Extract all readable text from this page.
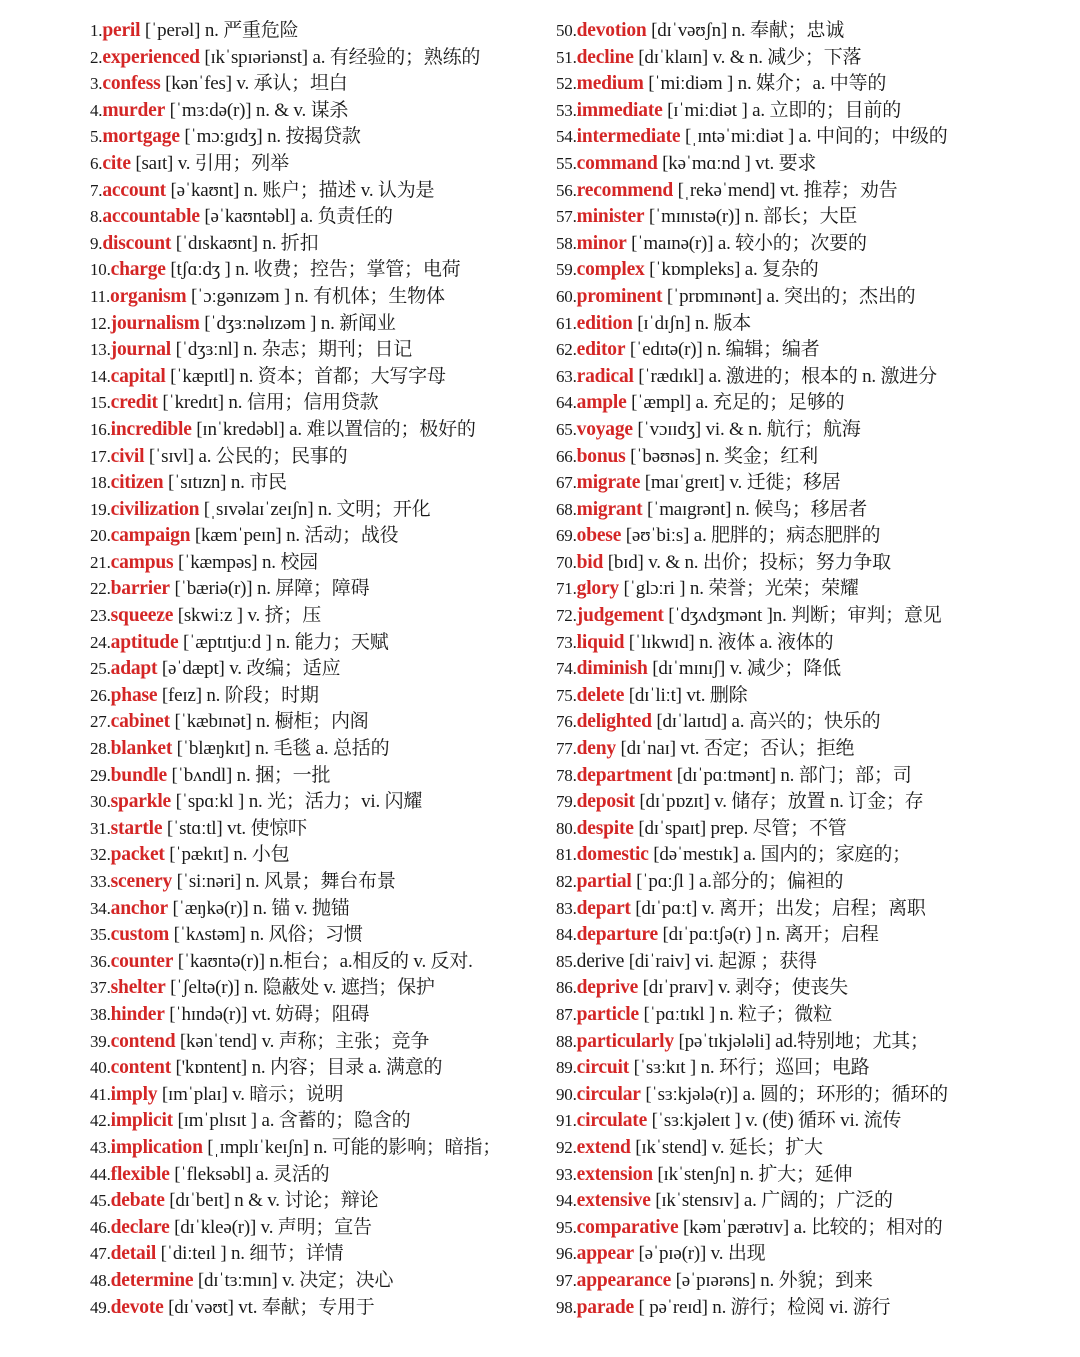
1.peril [ˈperəl] n. 严重危险
2.experienced [ɪkˈspɪəriənst] a. 有经验的；熟练的
3.confess [kənˈfes] v. 承认；坦白
4.murder [ˈmɜːdə(r)] n. & v. 谋杀
5.mortgage [ˈmɔːgɪdʒ] n. 按揭贷款
6.cite [saɪt] v. 引用；列举
7.account [əˈkaʊnt] n. 账户；描述 v. 认为是
8.accountable [əˈkaʊntəbl] a. 负责任的
9.discount [ˈdɪskaʊnt] n. 折扣
10.charge [tʃɑːdʒ ] n. 收费；控告；掌管；电荷
11.organism [ˈɔːgənɪzəm ] n. 有机体；生物体
12.journalism [ˈdʒɜːnəlɪzəm ] n. 新闻业
13.journal [ˈdʒɜːnl] n. 杂志；期刊；日记
14.capital [ˈkæpɪtl] n. 资本；首都；大写字母
15.credit [ˈkredɪt] n. 信用；信用贷款
16.incredible [ɪnˈkredəbl] a. 难以置信的；极好的
17.civil [ˈsɪvl] a. 公民的；民事的
18.citizen [ˈsɪtɪzn] n. 市民
19.civilization [ˌsɪvəlaɪˈzeɪʃn] n. 文明；开化
20.campaign [kæmˈpeɪn] n. 活动；战役
21.campus [ˈkæmpəs] n. 校园
22.barrier [ˈbæriə(r)] n. 屏障；障碍
23.squeeze [skwiːz ] v. 挤；压
24.aptitude [ˈæptɪtjuːd ] n. 能力；天赋
25.adapt [əˈdæpt] v. 改编；适应
26.phase [feɪz] n. 阶段；时期
27.cabinet [ˈkæbɪnət] n. 橱柜；内阁
28.blanket [ˈblæŋkɪt] n. 毛毯 a. 总括的
29.bundle [ˈbʌndl] n. 捆；一批
30.sparkle [ˈspɑːkl ] n. 光；活力；vi. 闪耀
31.startle [ˈstɑːtl] vt. 使惊吓
32.packet [ˈpækɪt] n. 小包
33.scenery [ˈsiːnəri] n. 风景；舞台布景
34.anchor [ˈæŋkə(r)] n. 锚 v. 抛锚
35.custom [ˈkʌstəm] n. 风俗；习惯
36.counter [ˈkaʊntə(r)] n.柜台；a.相反的 v. 反对.
37.shelter [ˈʃeltə(r)] n. 隐蔽处 v. 遮挡；保护
38.hinder [ˈhɪndə(r)] vt. 妨碍；阻碍
39.contend [kənˈtend] v. 声称；主张；竞争
40.content ['kɒntent] n. 内容；目录 a. 满意的
41.imply [ɪmˈplaɪ] v. 暗示；说明
42.implicit [ɪmˈplɪsɪt ] a. 含蓄的；隐含的
43.implication [ˌɪmplɪˈkeɪʃn] n. 可能的影响；暗指；
44.flexible [ˈfleksəbl] a. 灵活的
45.debate [dɪˈbeɪt] n & v. 讨论；辩论
46.declare [dɪˈkleə(r)] v. 声明；宣告
47.detail [ˈdiːteɪl ] n. 细节；详情
48.determine [dɪˈtɜːmɪn] v. 决定；决心
49.devote [dɪˈvəʊt] vt. 奉献；专用于
50.devotion [dɪˈvəʊʃn] n. 奉献；忠诚
51.decline [dɪˈklaɪn] v. & n. 减少；下落
52.medium [ˈmiːdiəm ] n. 媒介；a. 中等的
53.immediate [ɪˈmiːdiət ] a. 立即的；目前的
54.intermediate [ˌɪntəˈmiːdiət ] a. 中间的；中级的
55.command [kəˈmɑːnd ] vt. 要求
56.recommend [ˌrekəˈmend] vt. 推荐；劝告
57.minister [ˈmɪnɪstə(r)] n. 部长；大臣
58.minor [ˈmaɪnə(r)] a. 较小的；次要的
59.complex [ˈkɒmpleks] a. 复杂的
60.prominent [ˈprɒmɪnənt] a. 突出的；杰出的
61.edition [ɪˈdɪʃn] n. 版本
62.editor [ˈedɪtə(r)] n. 编辑；编者
63.radical [ˈrædɪkl] a. 激进的；根本的 n. 激进分
64.ample [ˈæmpl] a. 充足的；足够的
65.voyage [ˈvɔɪɪdʒ] vi. & n. 航行；航海
66.bonus [ˈbəʊnəs] n. 奖金；红利
67.migrate [maɪˈgreɪt] v. 迁徙；移居
68.migrant [ˈmaɪgrənt] n. 候鸟；移居者
69.obese [əʊˈbiːs] a. 肥胖的；病态肥胖的
70.bid [bɪd] v. & n. 出价；投标；努力争取
71.glory [ˈglɔːri ] n. 荣誉；光荣；荣耀
72.judgement [ˈdʒʌdʒmənt ]n. 判断；审判；意见
73.liquid [ˈlɪkwɪd] n. 液体 a. 液体的
74.diminish [dɪˈmɪnɪʃ] v. 减少；降低
75.delete [dɪˈliːt] vt. 删除
76.delighted [dɪˈlaɪtɪd] a. 高兴的；快乐的
77.deny [dɪˈnaɪ] vt. 否定；否认；拒绝
78.department [dɪˈpɑːtmənt] n. 部门；部；司
79.deposit [dɪˈpɒzɪt] v. 储存；放置 n. 订金；存
80.despite [dɪˈspaɪt] prep. 尽管；不管
81.domestic [dəˈmestɪk] a. 国内的；家庭的；
82.partial [ˈpɑːʃl ] a.部分的；偏袒的
83.depart [dɪˈpɑːt] v. 离开；出发；启程；离职
84.departure [dɪˈpɑːtʃə(r) ] n. 离开；启程
85.derive [diˈraiv] vi. 起源 ；获得
86.deprive [dɪˈpraɪv] v. 剥夺；使丧失
87.particle [ˈpɑːtɪkl ] n. 粒子；微粒
88.particularly [pəˈtɪkjələli] ad.特别地；尤其；
89.circuit [ˈsɜːkɪt ] n. 环行；巡回；电路
90.circular [ˈsɜːkjələ(r)] a. 圆的；环形的；循环的
91.circulate [ˈsɜːkjəleɪt ] v. (使) 循环 vi. 流传
92.extend [ɪkˈstend] v. 延长；扩大
93.extension [ɪkˈstenʃn] n. 扩大；延伸
94.extensive [ɪkˈstensɪv] a. 广阔的；广泛的
95.comparative [kəmˈpærətɪv] a. 比较的；相对的
96.appear [əˈpɪə(r)] v. 出现
97.appearance [əˈpɪərəns] n. 外貌；到来
98.parade [ pəˈreɪd] n. 游行；检阅 vi. 游行
